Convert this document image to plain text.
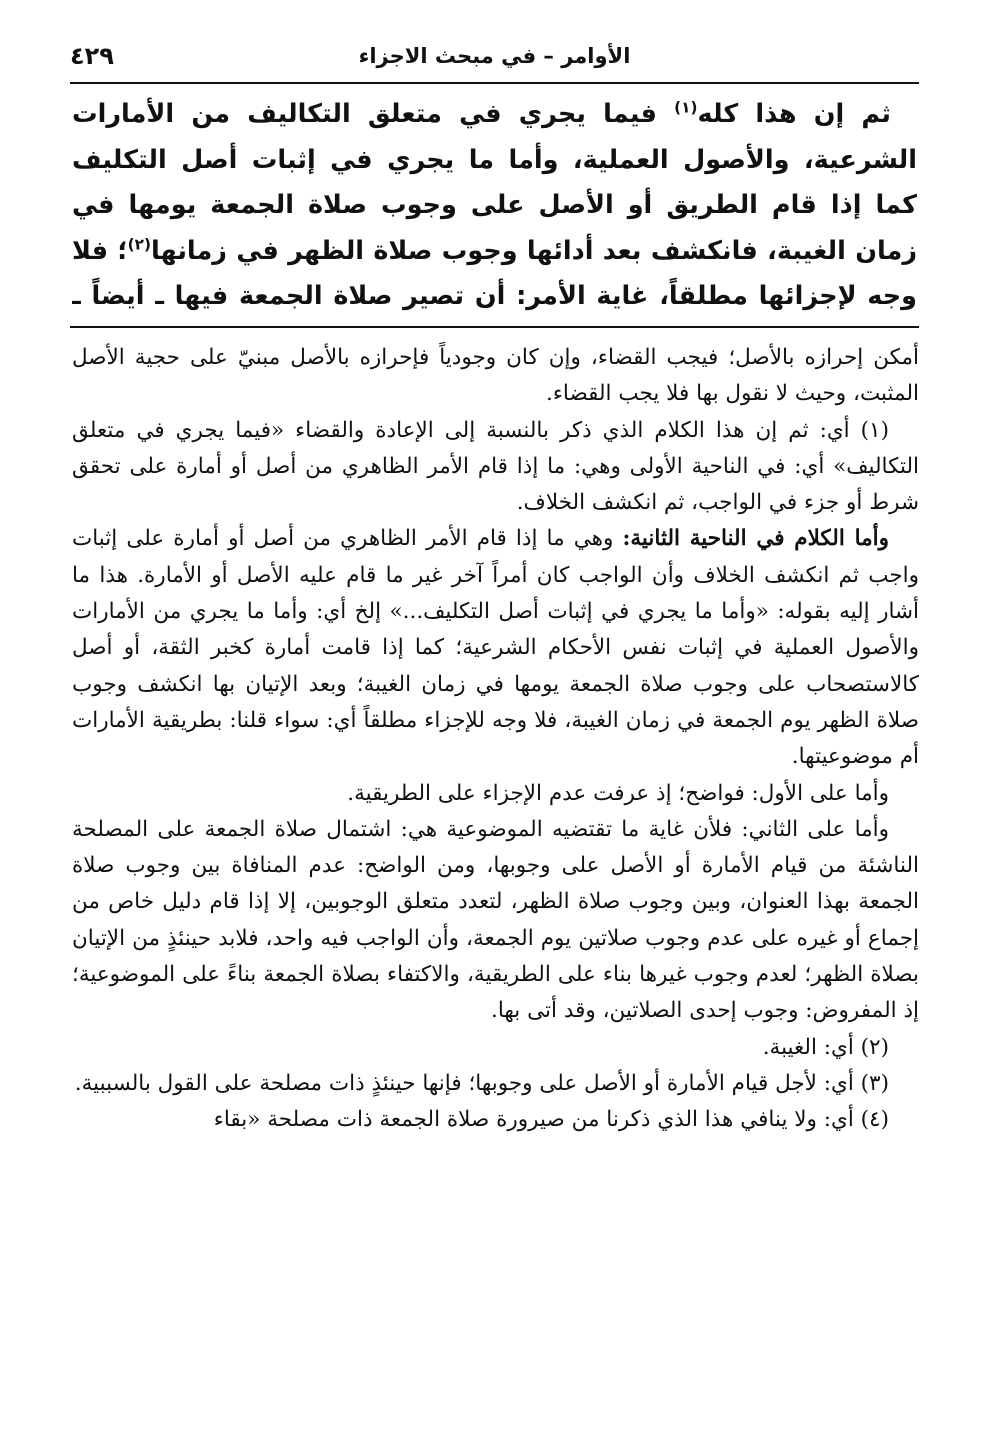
الأوامر – في مبحث الاجزاء
٤٢٩
ثم إن هذا كله$^{(١)}$ فيما يجري في متعلق التكاليف من الأمارات الشرعية، والأصول العملية، وأما ما يجري في إثبات أصل التكليف كما إذا قام الطريق أو الأصل على وجوب صلاة الجمعة يومها في زمان الغيبة، فانكشف بعد أدائها وجوب صلاة الظهر في زمانها$^{(٢)}$؛ فلا وجه لإجزائها مطلقاً، غاية الأمر: أن تصير صلاة الجمعة فيها ـ أيضاً ـ

أمكن إحرازه بالأصل؛ فيجب القضاء، وإن كان وجودياً فإحرازه بالأصل مبنيّ على حجية الأصل المثبت، وحيث لا نقول بها فلا يجب القضاء.

(١) أي: ثم إن هذا الكلام الذي ذكر بالنسبة إلى الإعادة والقضاء «فيما يجري في متعلق التكاليف» أي: في الناحية الأولى وهي: ما إذا قام الأمر الظاهري من أصل أو أمارة على تحقق شرط أو جزء في الواجب، ثم انكشف الخلاف.

وأما الكلام في الناحية الثانية: وهي ما إذا قام الأمر الظاهري من أصل أو أمارة على إثبات واجب ثم انكشف الخلاف وأن الواجب كان أمراً آخر غير ما قام عليه الأصل أو الأمارة. هذا ما أشار إليه بقوله: «وأما ما يجري في إثبات أصل التكليف...» إلخ أي: وأما ما يجري من الأمارات والأصول العملية في إثبات نفس الأحكام الشرعية؛ كما إذا قامت أمارة كخبر الثقة، أو أصل كالاستصحاب على وجوب صلاة الجمعة يومها في زمان الغيبة؛ وبعد الإتيان بها انكشف وجوب صلاة الظهر يوم الجمعة في زمان الغيبة، فلا وجه للإجزاء مطلقاً أي: سواء قلنا: بطريقية الأمارات أم موضوعيتها.

وأما على الأول: فواضح؛ إذ عرفت عدم الإجزاء على الطريقية.

وأما على الثاني: فلأن غاية ما تقتضيه الموضوعية هي: اشتمال صلاة الجمعة على المصلحة الناشئة من قيام الأمارة أو الأصل على وجوبها، ومن الواضح: عدم المنافاة بين وجوب صلاة الجمعة بهذا العنوان، وبين وجوب صلاة الظهر، لتعدد متعلق الوجوبين، إلا إذا قام دليل خاص من إجماع أو غيره على عدم وجوب صلاتين يوم الجمعة، وأن الواجب فيه واحد، فلابد حينئذٍ من الإتيان بصلاة الظهر؛ لعدم وجوب غيرها بناء على الطريقية، والاكتفاء بصلاة الجمعة بناءً على الموضوعية؛ إذ المفروض: وجوب إحدى الصلاتين، وقد أتى بها.

(٢) أي: الغيبة.

(٣) أي: لأجل قيام الأمارة أو الأصل على وجوبها؛ فإنها حينئذٍ ذات مصلحة على القول بالسببية.

(٤) أي: ولا ينافي هذا الذي ذكرنا من صيرورة صلاة الجمعة ذات مصلحة «بقاء
